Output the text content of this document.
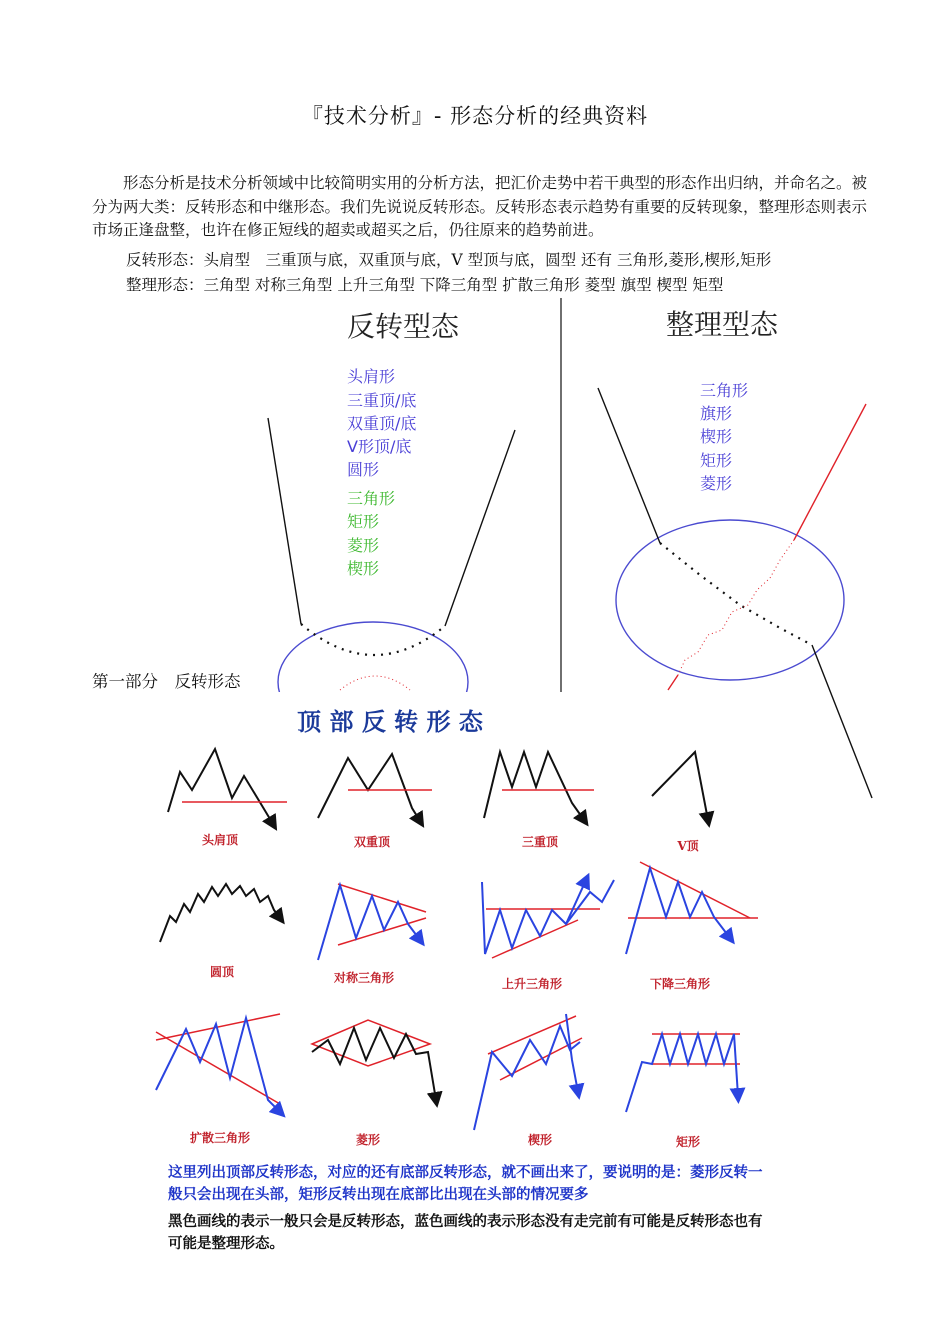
『技术分析』- 形态分析的经典资料
形态分析是技术分析领域中比较简明实用的分析方法，把汇价走势中若干典型的形态作出归纳，并命名之。被分为两大类：反转形态和中继形态。我们先说说反转形态。反转形态表示趋势有重要的反转现象，整理形态则表示市场正逢盘整，也许在修正短线的超卖或超买之后，仍往原来的趋势前进。
反转形态：头肩型　三重顶与底，双重顶与底，V 型顶与底，圆型 还有 三角形,菱形,楔形,矩形
整理形态：三角型 对称三角型 上升三角型 下降三角型 扩散三角形 菱型 旗型 楔型 矩型
反转型态
头肩形
三重顶/底
双重顶/底
V形顶/底
圆形
三角形
矩形
菱形
楔形
整理型态
三角形
旗形
楔形
矩形
菱形
第一部分　反转形态
顶 部 反 转 形 态
头肩顶	双重顶	三重顶	V顶
圆顶	对称三角形	上升三角形	下降三角形
扩散三角形	菱形	楔形	矩形
这里列出顶部反转形态，对应的还有底部反转形态，就不画出来了，要说明的是：菱形反转一般只会出现在头部，矩形反转出现在底部比出现在头部的情况要多
黑色画线的表示一般只会是反转形态，蓝色画线的表示形态没有走完前有可能是反转形态也有可能是整理形态。
